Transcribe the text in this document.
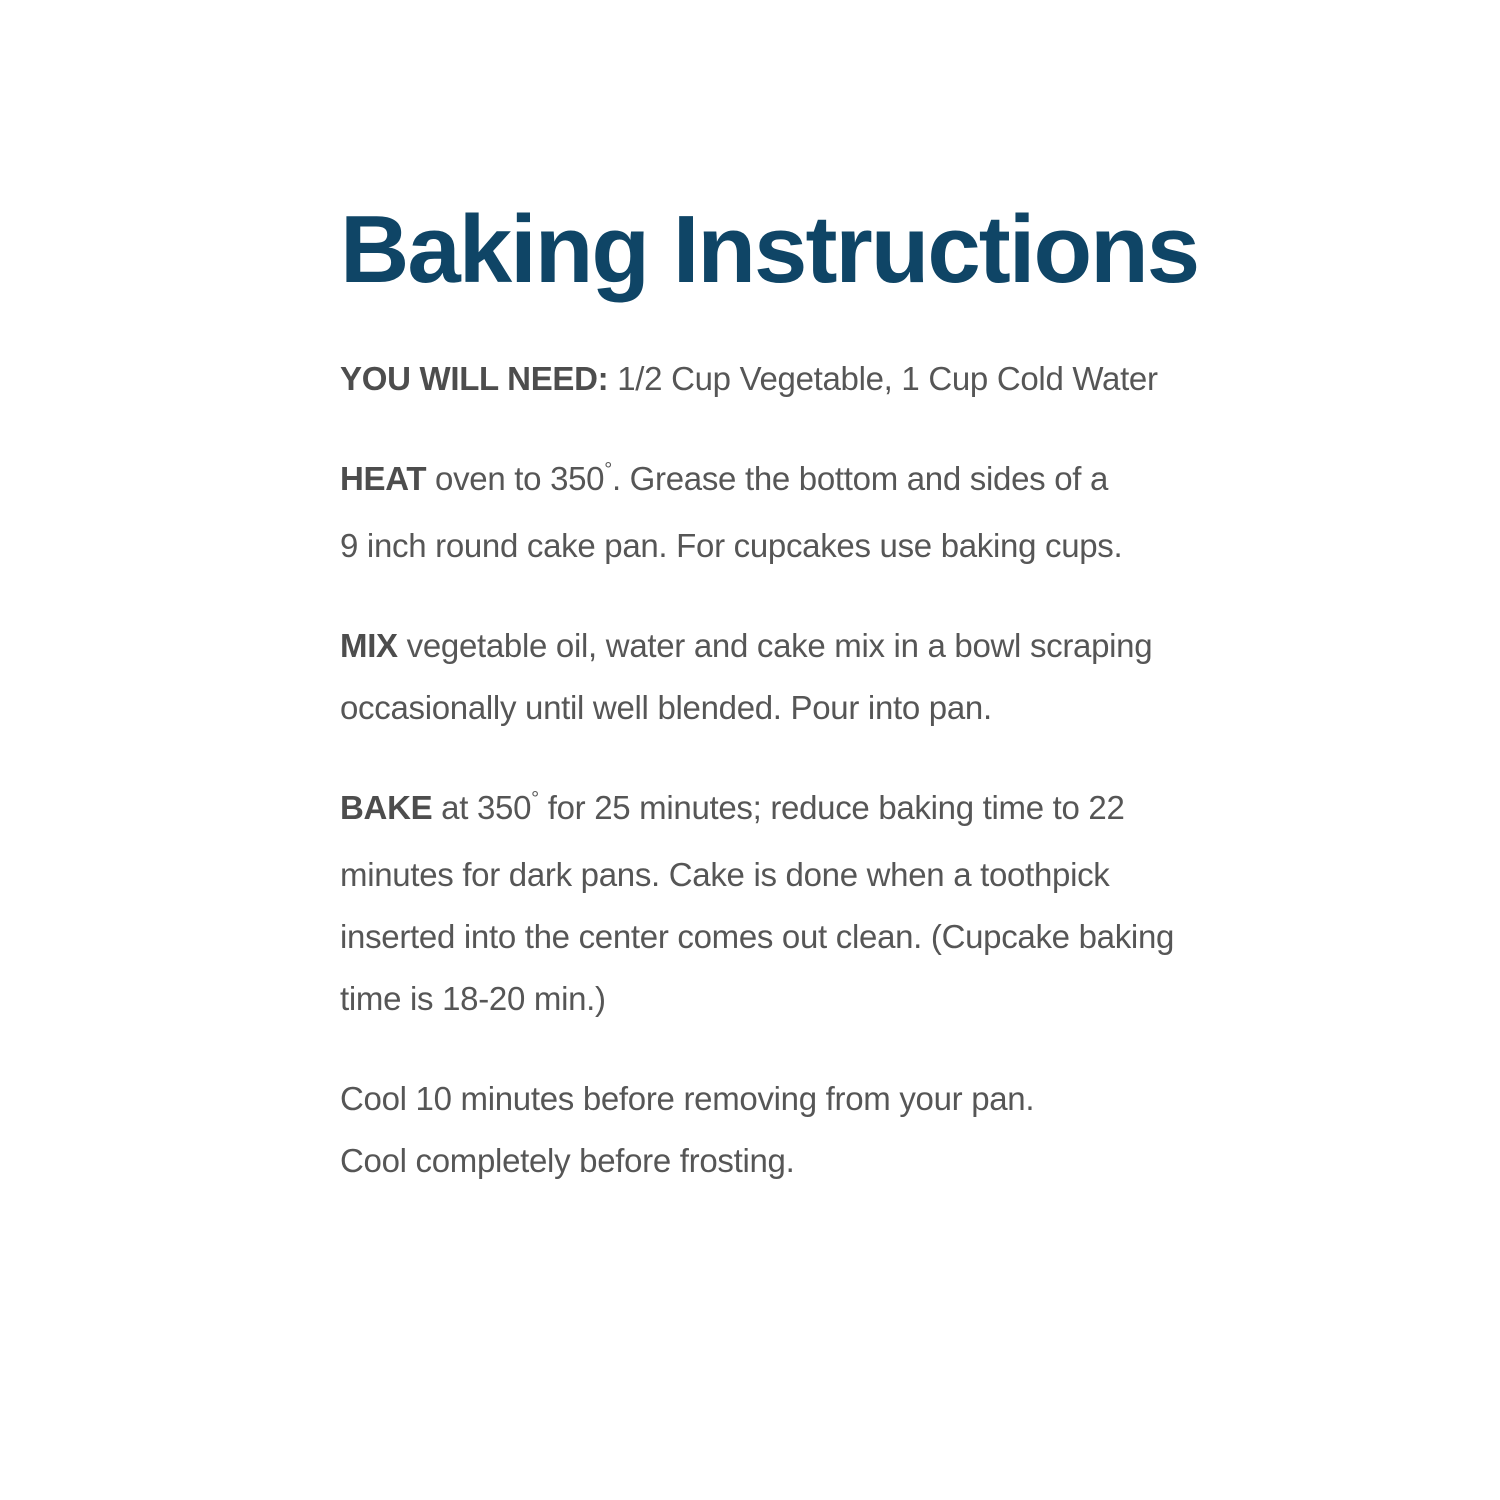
Baking Instructions

YOU WILL NEED: 1/2 Cup Vegetable, 1 Cup Cold Water

HEAT oven to 350°. Grease the bottom and sides of a
9 inch round cake pan. For cupcakes use baking cups.

MIX vegetable oil, water and cake mix in a bowl scraping
occasionally until well blended. Pour into pan.

BAKE at 350° for 25 minutes; reduce baking time to 22
minutes for dark pans. Cake is done when a toothpick
inserted into the center comes out clean. (Cupcake baking
time is 18-20 min.)

Cool 10 minutes before removing from your pan.
Cool completely before frosting.
